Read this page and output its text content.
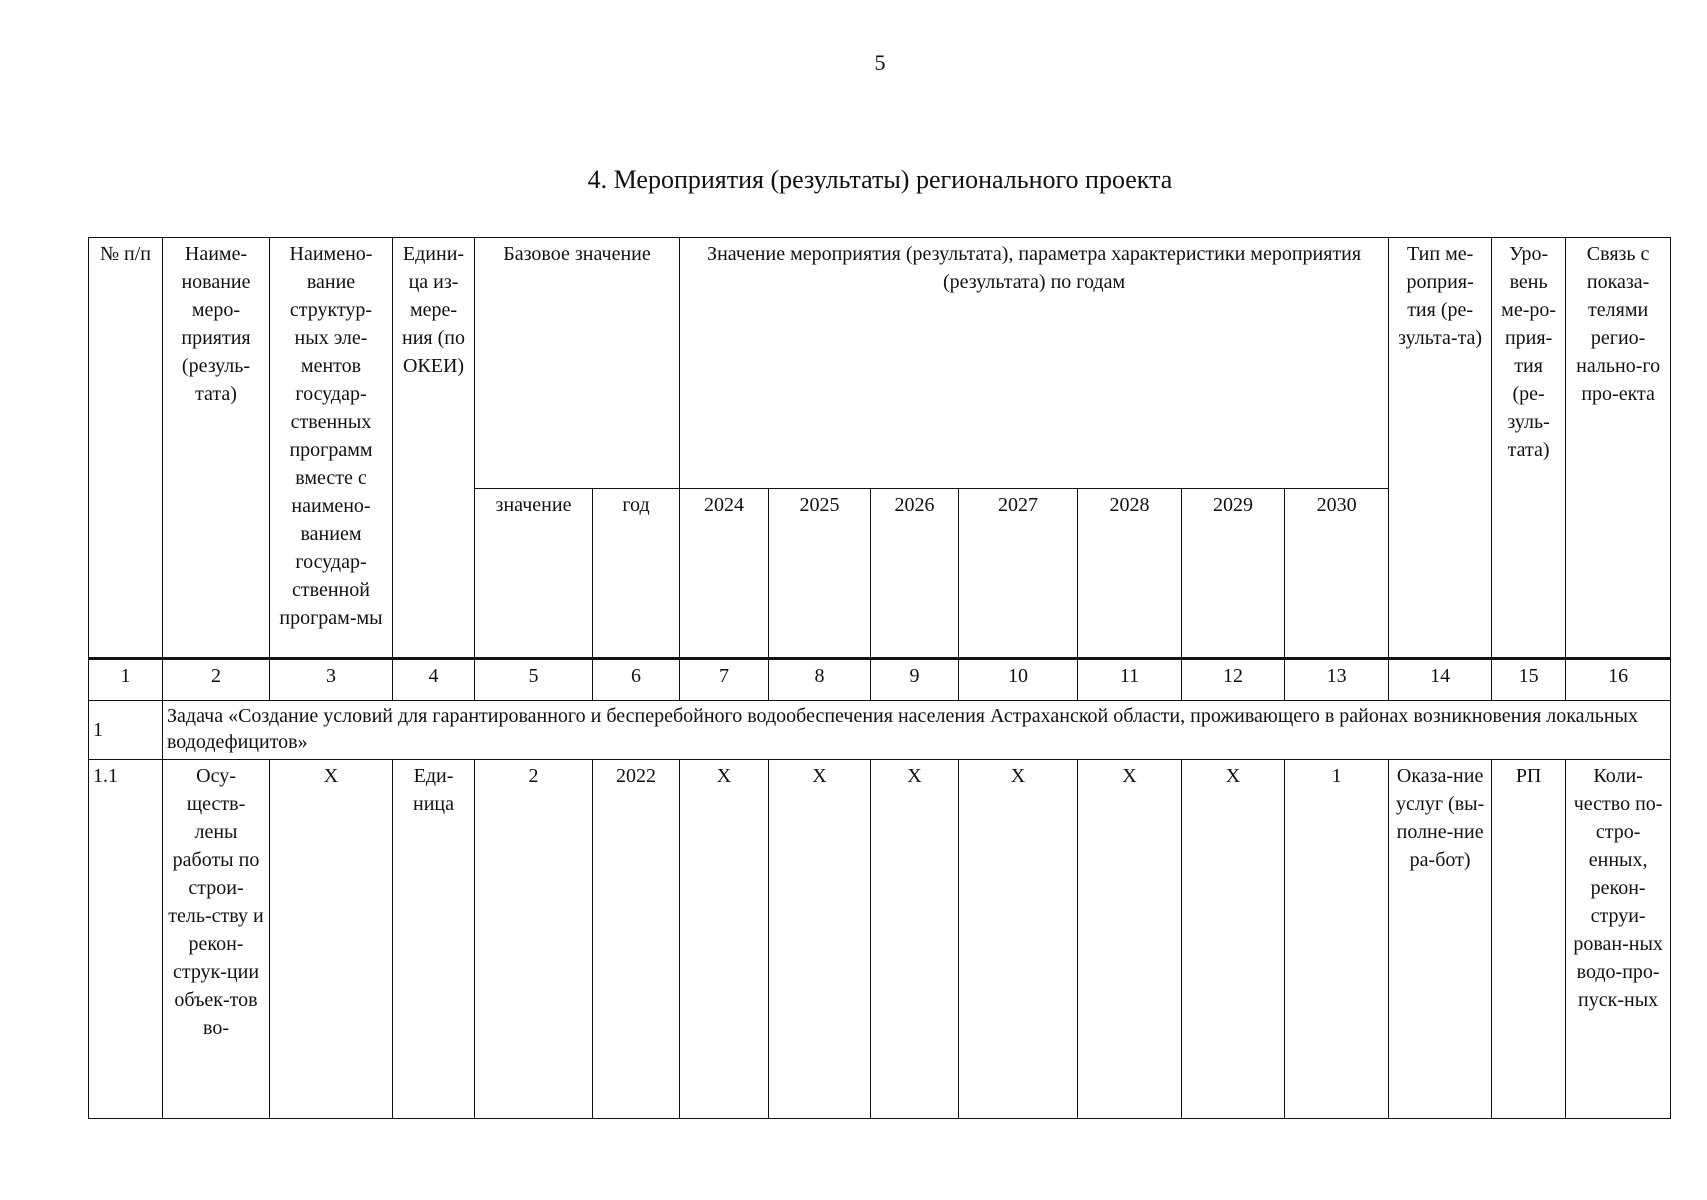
5
4. Мероприятия (результаты) регионального проекта
№ п/п	Наиме-нование меро-приятия (резуль-тата)	Наимено-вание структур-ных эле-ментов государ-ственных программ вместе с наимено-ванием государ-ственной програм-мы	Едини-ца из-мере-ния (по ОКЕИ)	Базовое значение		Значение мероприятия (результата), параметра характеристики мероприятия (результата) по годам							Тип ме-роприя-тия (ре-зульта-та)	Уро-вень ме-ро-прия-тия (ре-зуль-тата)	Связь с показа-телями регио-нально-го про-екта
				значение	год	2024	2025	2026	2027	2028	2029	2030			
1	2	3	4	5	6	7	8	9	10	11	12	13	14	15	16
1	Задача «Создание условий для гарантированного и бесперебойного водообеспечения населения Астраханской области, проживающего в районах возникновения локальных вододефицитов»														
1.1	Осу-ществ-лены работы по строи-тель-ству и рекон-струк-ции объек-тов во-	Х	Еди-ница	2	2022	Х	Х	Х	Х	Х	Х	1	Оказа-ние услуг (вы-полне-ние ра-бот)	РП	Коли-чество по-стро-енных, рекон-струи-рован-ных водо-про-пуск-ных
